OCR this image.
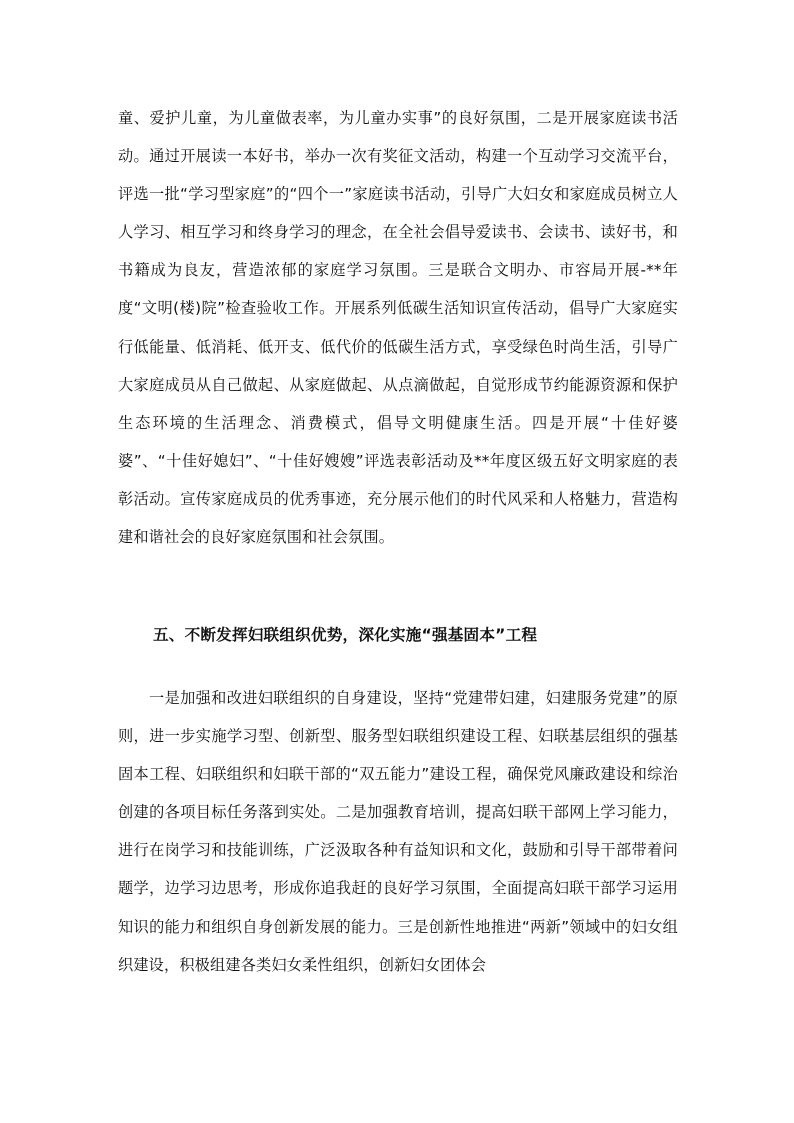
童、爱护儿童，为儿童做表率，为儿童办实事”的良好氛围，二是开展家庭读书活动。通过开展读一本好书，举办一次有奖征文活动，构建一个互动学习交流平台，评选一批“学习型家庭”的“四个一”家庭读书活动，引导广大妇女和家庭成员树立人人学习、相互学习和终身学习的理念，在全社会倡导爱读书、会读书、读好书，和书籍成为良友，营造浓郁的家庭学习氛围。三是联合文明办、市容局开展-**年度“文明(楼)院”检查验收工作。开展系列低碳生活知识宣传活动，倡导广大家庭实行低能量、低消耗、低开支、低代价的低碳生活方式，享受绿色时尚生活，引导广大家庭成员从自己做起、从家庭做起、从点滴做起，自觉形成节约能源资源和保护生态环境的生活理念、消费模式，倡导文明健康生活。四是开展“十佳好婆婆”、“十佳好媳妇”、“十佳好嫂嫂”评选表彰活动及**年度区级五好文明家庭的表彰活动。宣传家庭成员的优秀事迹，充分展示他们的时代风采和人格魅力，营造构建和谐社会的良好家庭氛围和社会氛围。

五、不断发挥妇联组织优势，深化实施“强基固本”工程

一是加强和改进妇联组织的自身建设，坚持“党建带妇建，妇建服务党建”的原则，进一步实施学习型、创新型、服务型妇联组织建设工程、妇联基层组织的强基固本工程、妇联组织和妇联干部的“双五能力”建设工程，确保党风廉政建设和综治创建的各项目标任务落到实处。二是加强教育培训，提高妇联干部网上学习能力，进行在岗学习和技能训练，广泛汲取各种有益知识和文化，鼓励和引导干部带着问题学，边学习边思考，形成你追我赶的良好学习氛围，全面提高妇联干部学习运用知识的能力和组织自身创新发展的能力。三是创新性地推进“两新”领域中的妇女组织建设，积极组建各类妇女柔性组织，创新妇女团体会
